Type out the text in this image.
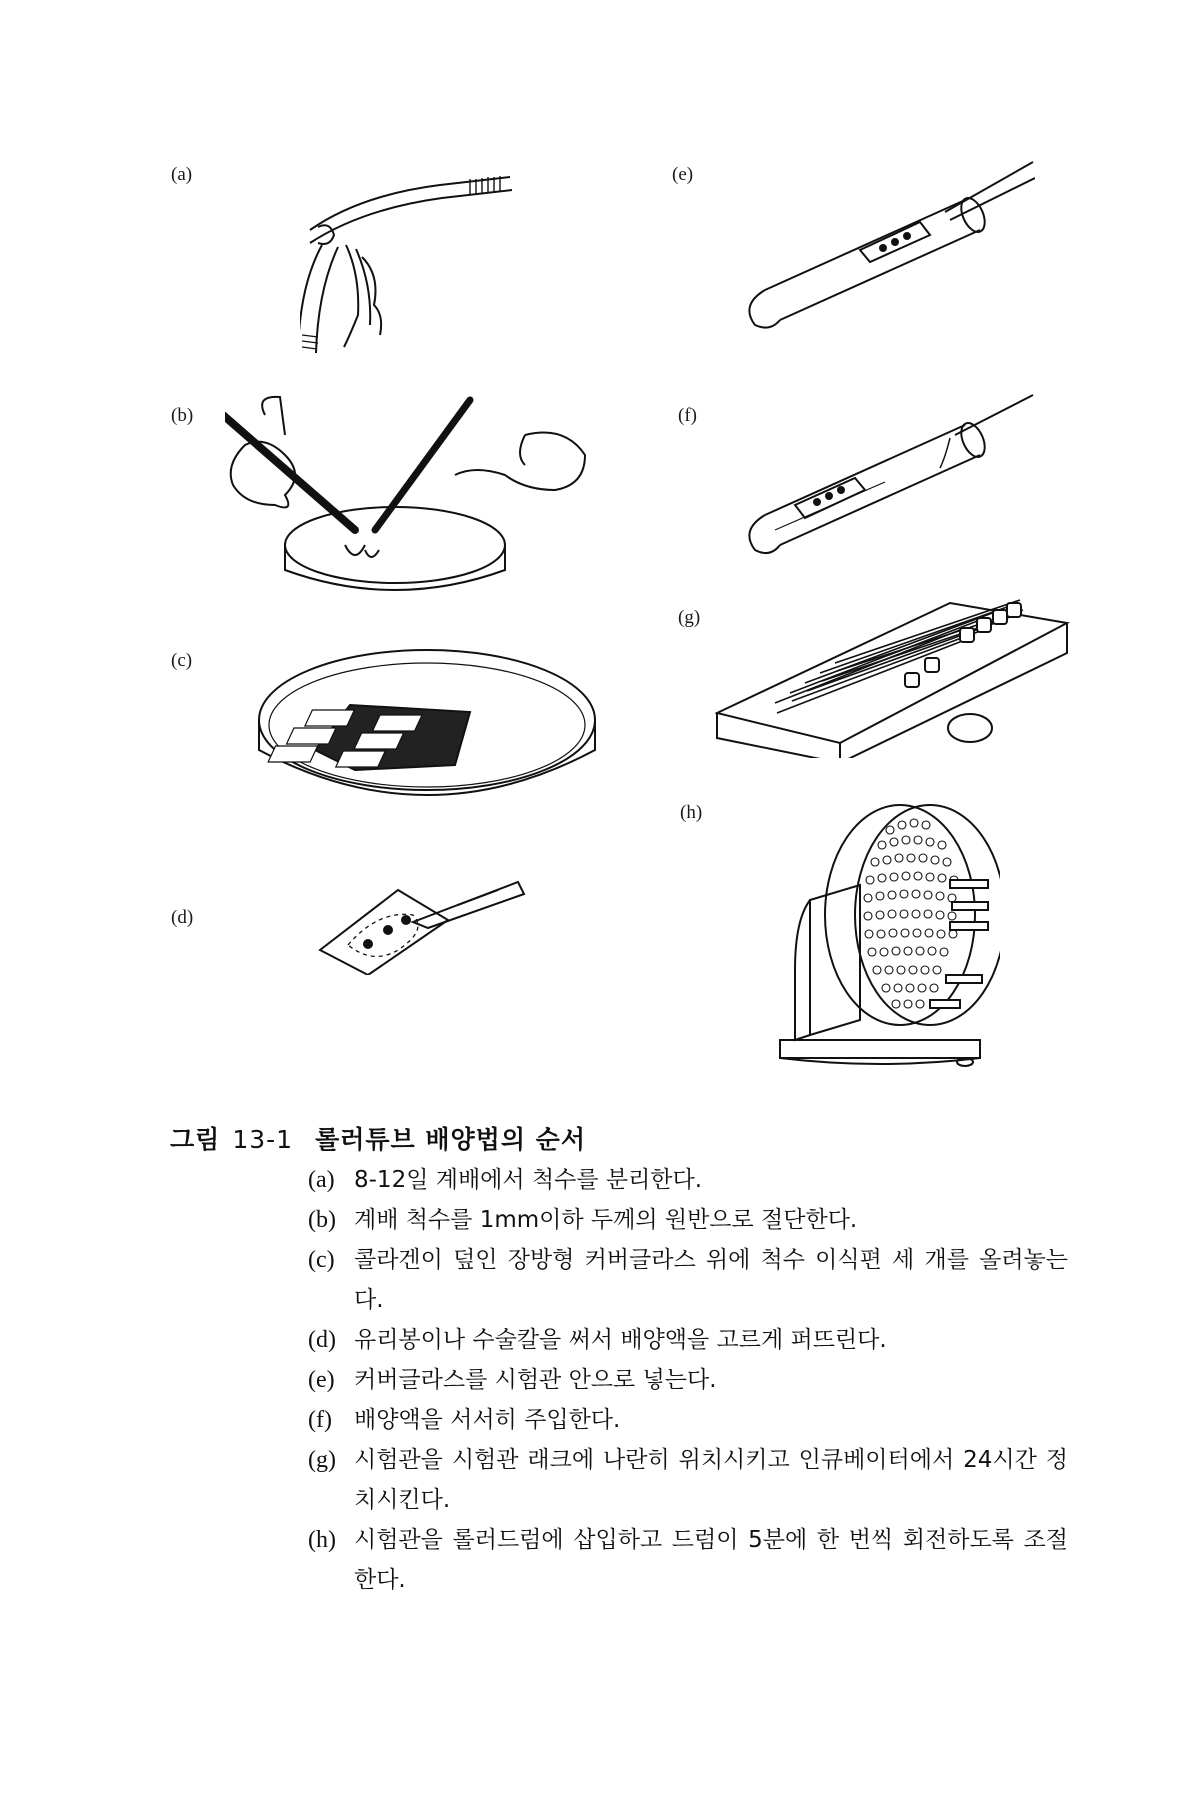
(a)
(b)
(c)
(d)
(e)
(f)
(g)
(h)
그림 13-1 롤러튜브 배양법의 순서
(a) 8-12일 계배에서 척수를 분리한다.
(b) 계배 척수를 1mm이하 두께의 원반으로 절단한다.
(c) 콜라겐이 덮인 장방형 커버글라스 위에 척수 이식편 세 개를 올려놓는다.
(d) 유리봉이나 수술칼을 써서 배양액을 고르게 퍼뜨린다.
(e) 커버글라스를 시험관 안으로 넣는다.
(f) 배양액을 서서히 주입한다.
(g) 시험관을 시험관 래크에 나란히 위치시키고 인큐베이터에서 24시간 정치시킨다.
(h) 시험관을 롤러드럼에 삽입하고 드럼이 5분에 한 번씩 회전하도록 조절한다.
